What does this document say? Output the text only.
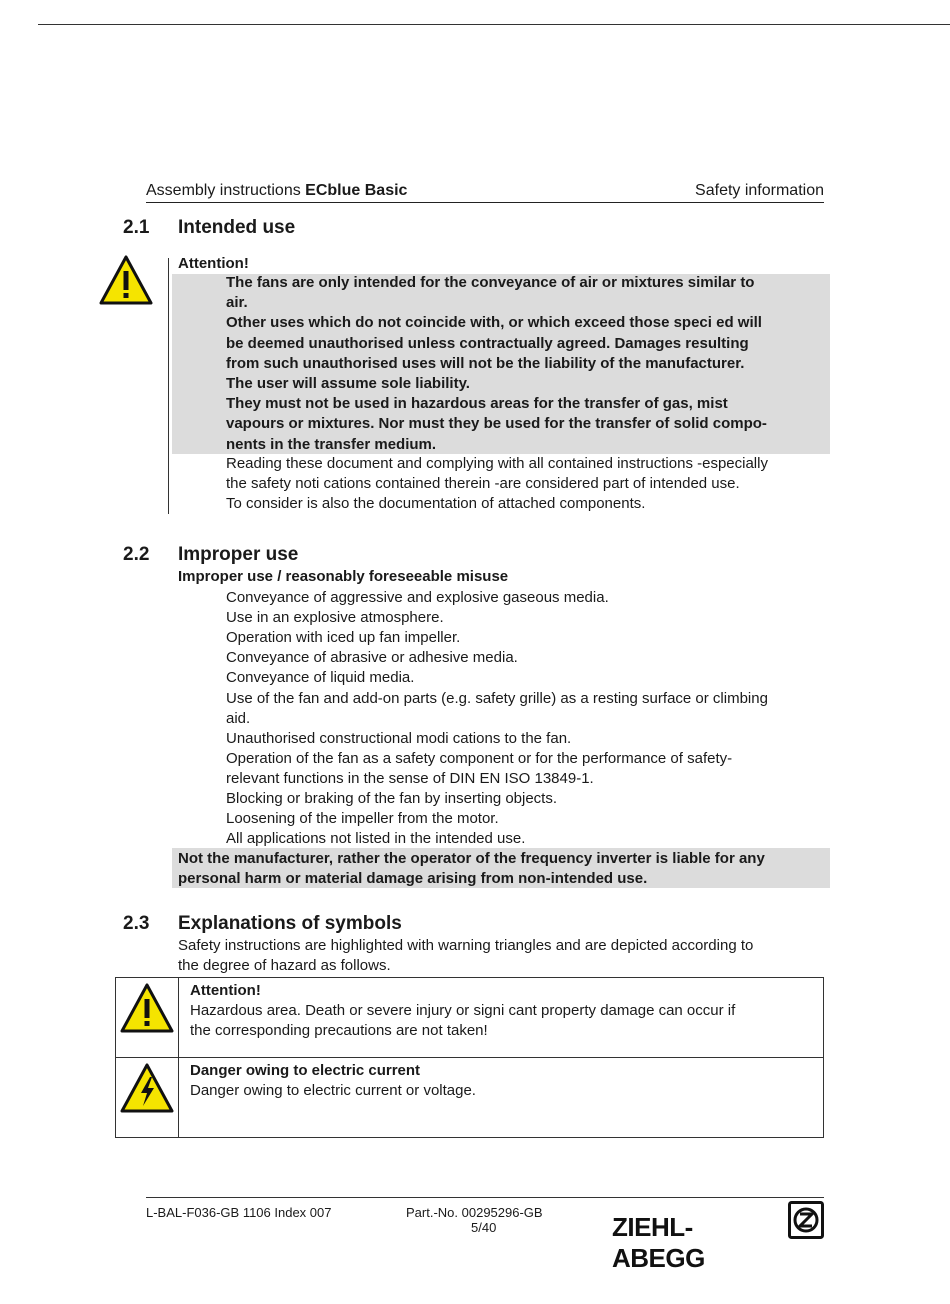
Assembly instructions ECblue Basic	Safety information
2.1 Intended use
Attention!
The fans are only intended for the conveyance of air or mixtures similar to
air.
Other uses which do not coincide with, or which exceed those speci ed will
be deemed unauthorised unless contractually agreed. Damages resulting
from such unauthorised uses will not be the liability of the manufacturer.
The user will assume sole liability.
They must not be used in hazardous areas for the transfer of gas, mist
vapours or mixtures. Nor must they be used for the transfer of solid compo-
nents in the transfer medium.
Reading these document and complying with all contained instructions -especially
the safety noti cations contained therein -are considered part of intended use.
To consider is also the documentation of attached components.
2.2 Improper use
Improper use / reasonably foreseeable misuse
Conveyance of aggressive and explosive gaseous media.
Use in an explosive atmosphere.
Operation with iced up fan impeller.
Conveyance of abrasive or adhesive media.
Conveyance of liquid media.
Use of the fan and add-on parts (e.g. safety grille) as a resting surface or climbing
aid.
Unauthorised constructional modi cations to the fan.
Operation of the fan as a safety component or for the performance of safety-
relevant functions in the sense of DIN EN ISO 13849-1.
Blocking or braking of the fan by inserting objects.
Loosening of the impeller from the motor.
All applications not listed in the intended use.
Not the manufacturer, rather the operator of the frequency inverter is liable for any
personal harm or material damage arising from non-intended use.
2.3 Explanations of symbols
Safety instructions are highlighted with warning triangles and are depicted according to
the degree of hazard as follows.

Attention!
Hazardous area. Death or severe injury or signi cant property damage can occur if
the corresponding precautions are not taken!

Danger owing to electric current
Danger owing to electric current or voltage.
L-BAL-F036-GB 1106 Index 007	Part.-No. 00295296-GB
5/40	ZIEHL-ABEGG
